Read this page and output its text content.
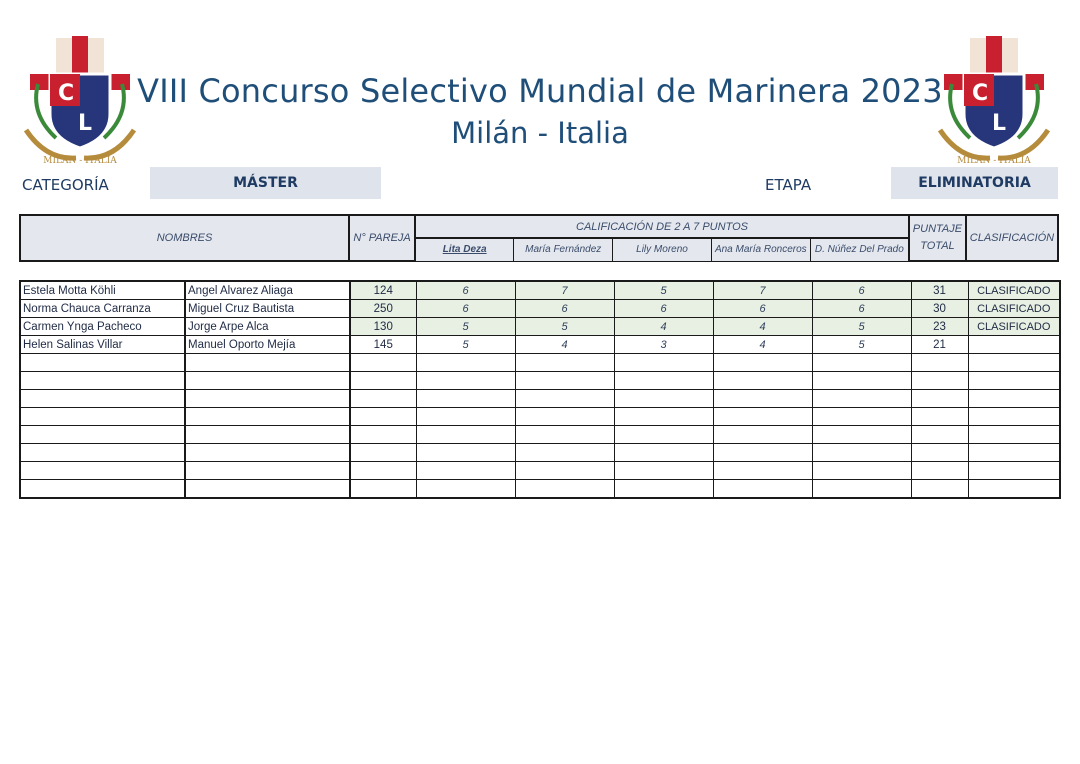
C
L
MILAN - ITALIA
C
L
MILAN - ITALIA
VIII Concurso Selectivo Mundial de Marinera 2023
Milán - Italia
CATEGORÍA	MÁSTER	ETAPA	ELIMINATORIA
NOMBRES	N° PAREJA	CALIFICACIÓN DE 2 A 7 PUNTOS					PUNTAJE TOTAL	CLASIFICACIÓN
		Lita Deza	María Fernández	Lily Moreno	Ana María Ronceros	D. Núñez Del Prado		
Estela Motta Köhli	Angel Alvarez Aliaga	124	6	7	5	7	6	31	CLASIFICADO
Norma Chauca Carranza	Miguel Cruz Bautista	250	6	6	6	6	6	30	CLASIFICADO
Carmen Ynga Pacheco	Jorge Arpe Alca	130	5	5	4	4	5	23	CLASIFICADO
Helen Salinas Villar	Manuel Oporto Mejía	145	5	4	3	4	5	21	
